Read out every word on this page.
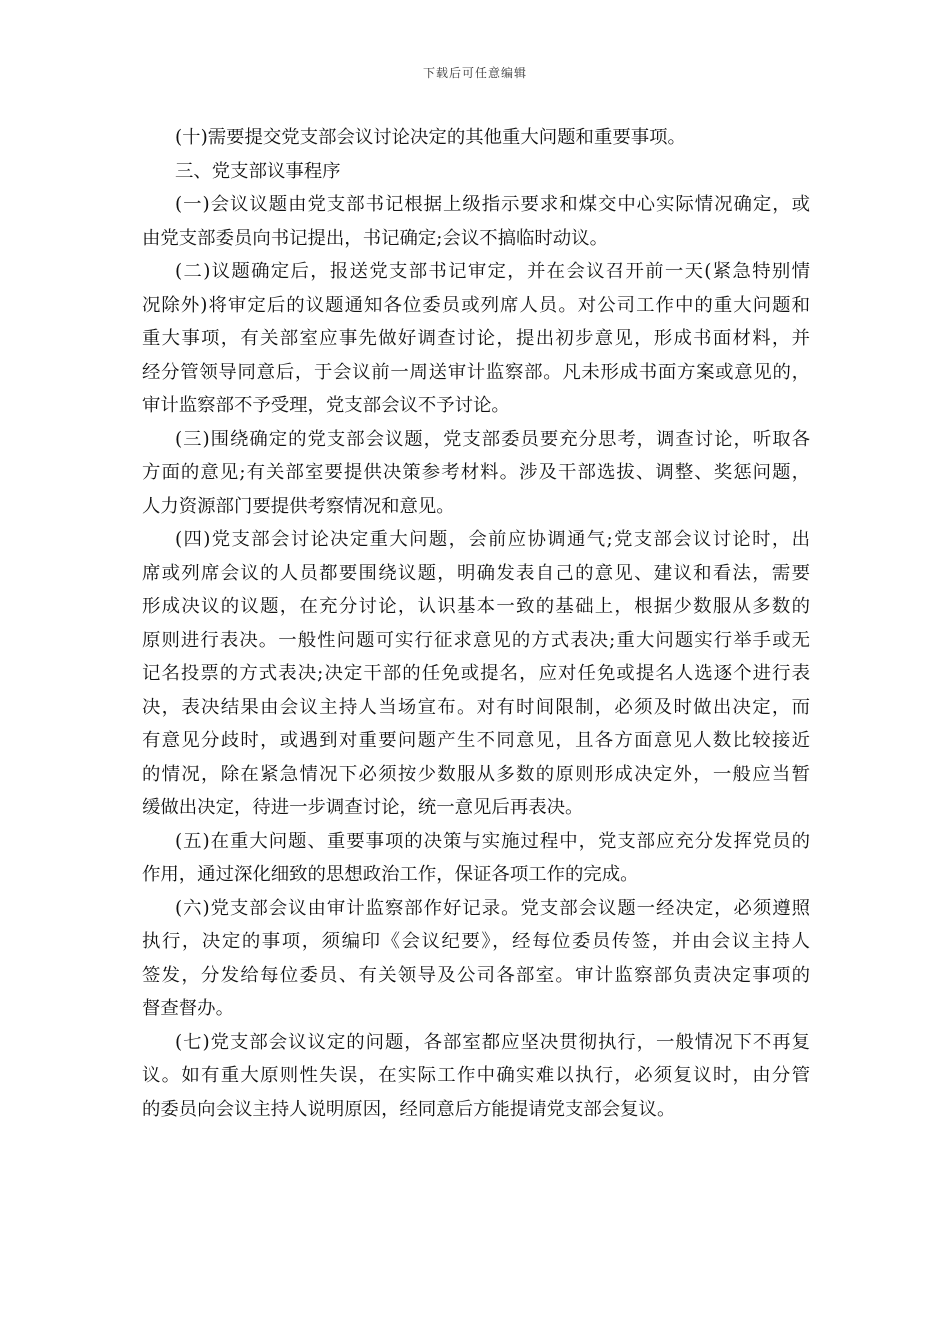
下载后可任意编辑
(十)需要提交党支部会议讨论决定的其他重大问题和重要事项。
三、党支部议事程序
(一)会议议题由党支部书记根据上级指示要求和煤交中心实际情况确定，或
由党支部委员向书记提出，书记确定;会议不搞临时动议。
(二)议题确定后，报送党支部书记审定，并在会议召开前一天(紧急特别情
况除外)将审定后的议题通知各位委员或列席人员。对公司工作中的重大问题和
重大事项，有关部室应事先做好调查讨论，提出初步意见，形成书面材料，并
经分管领导同意后，于会议前一周送审计监察部。凡未形成书面方案或意见的，
审计监察部不予受理，党支部会议不予讨论。
(三)围绕确定的党支部会议题，党支部委员要充分思考，调查讨论，听取各
方面的意见;有关部室要提供决策参考材料。涉及干部选拔、调整、奖惩问题，
人力资源部门要提供考察情况和意见。
(四)党支部会讨论决定重大问题，会前应协调通气;党支部会议讨论时，出
席或列席会议的人员都要围绕议题，明确发表自己的意见、建议和看法，需要
形成决议的议题，在充分讨论，认识基本一致的基础上，根据少数服从多数的
原则进行表决。一般性问题可实行征求意见的方式表决;重大问题实行举手或无
记名投票的方式表决;决定干部的任免或提名，应对任免或提名人选逐个进行表
决，表决结果由会议主持人当场宣布。对有时间限制，必须及时做出决定，而
有意见分歧时，或遇到对重要问题产生不同意见，且各方面意见人数比较接近
的情况，除在紧急情况下必须按少数服从多数的原则形成决定外，一般应当暂
缓做出决定，待进一步调查讨论，统一意见后再表决。
(五)在重大问题、重要事项的决策与实施过程中，党支部应充分发挥党员的
作用，通过深化细致的思想政治工作，保证各项工作的完成。
(六)党支部会议由审计监察部作好记录。党支部会议题一经决定，必须遵照
执行，决定的事项，须编印《会议纪要》，经每位委员传签，并由会议主持人
签发，分发给每位委员、有关领导及公司各部室。审计监察部负责决定事项的
督查督办。
(七)党支部会议议定的问题，各部室都应坚决贯彻执行，一般情况下不再复
议。如有重大原则性失误，在实际工作中确实难以执行，必须复议时，由分管
的委员向会议主持人说明原因，经同意后方能提请党支部会复议。
